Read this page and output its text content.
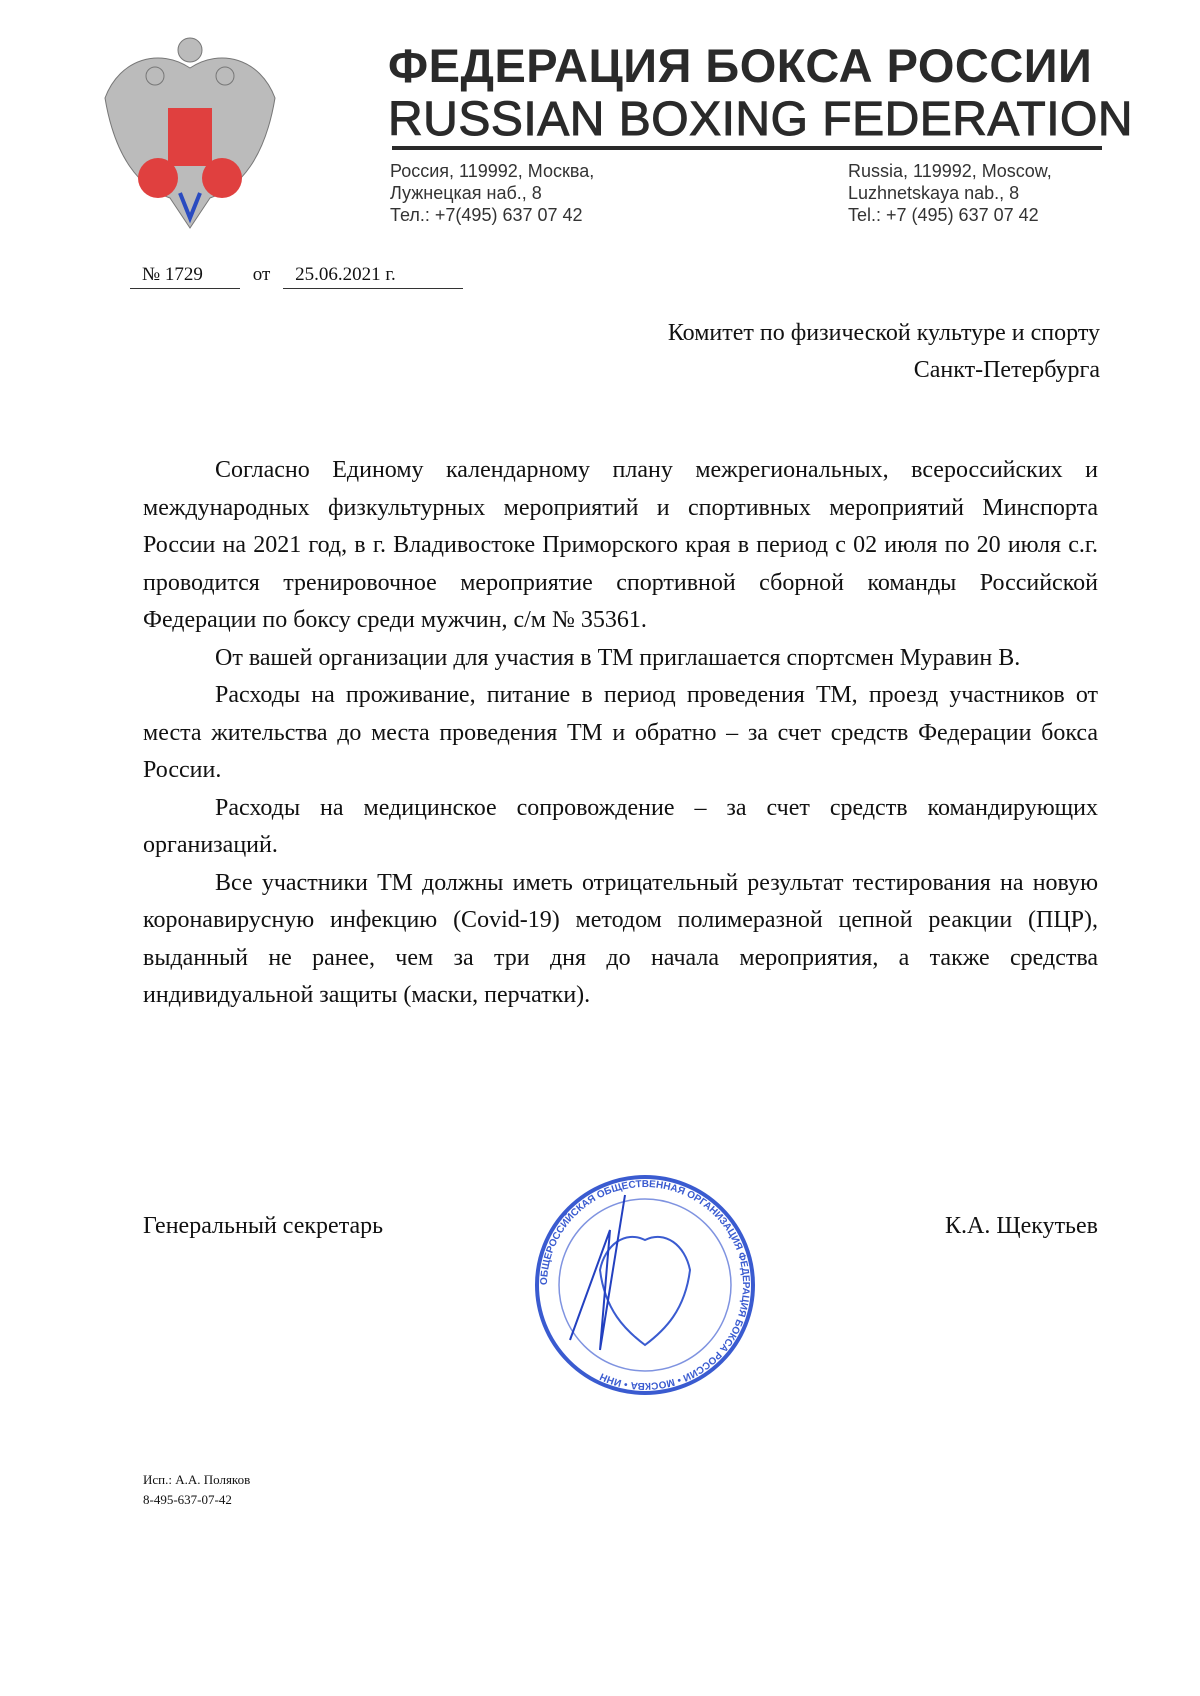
ФЕДЕРАЦИЯ БОКСА РОССИИ
RUSSIAN BOXING FEDERATION
Россия, 119992, Москва,
Лужнецкая наб., 8
Тел.: +7(495) 637 07 42
Russia, 119992, Moscow,
Luzhnetskaya nab., 8
Tel.: +7 (495) 637 07 42
№ 1729	от 25.06.2021 г.
Комитет по физической культуре и спорту
Санкт-Петербурга

Согласно Единому календарному плану межрегиональных, всероссийских и международных физкультурных мероприятий и спортивных мероприятий Минспорта России на 2021 год, в г. Владивостоке Приморского края в период с 02 июля по 20 июля с.г. проводится тренировочное мероприятие спортивной сборной команды Российской Федерации по боксу среди мужчин, с/м № 35361.

От вашей организации для участия в ТМ приглашается спортсмен Муравин В.

Расходы на проживание, питание в период проведения ТМ, проезд участников от места жительства до места проведения ТМ и обратно – за счет средств Федерации бокса России.

Расходы на медицинское сопровождение – за счет средств командирующих организаций.

Все участники ТМ должны иметь отрицательный результат тестирования на новую коронавирусную инфекцию (Covid-19) методом полимеразной цепной реакции (ПЦР), выданный не ранее, чем за три дня до начала мероприятия, а также средства индивидуальной защиты (маски, перчатки).

Генеральный секретарь	К.А. Щекутьев
ОБЩЕРОССИЙСКАЯ ОБЩЕСТВЕННАЯ ОРГАНИЗАЦИЯ ФЕДЕРАЦИЯ БОКСА РОССИИ • МОСКВА • ИНН
Исп.: А.А. Поляков
8-495-637-07-42
